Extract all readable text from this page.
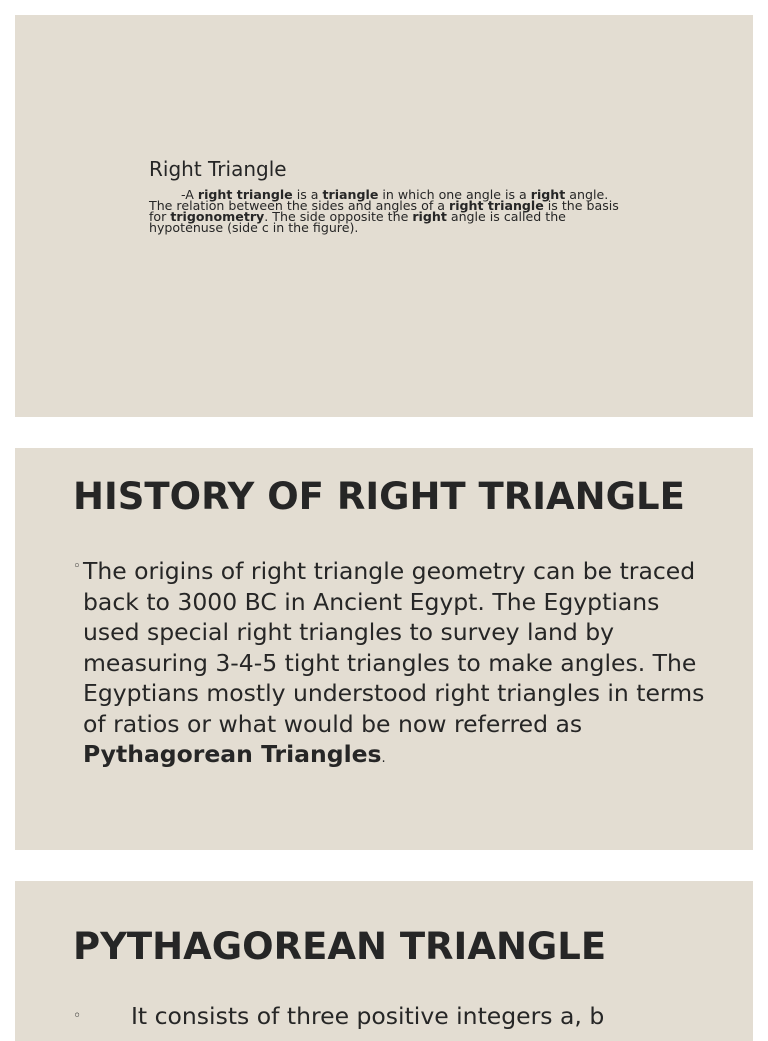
Right Triangle

-A right triangle is a triangle in which one angle is a right angle. The relation between the sides and angles of a right triangle is the basis for trigonometry. The side opposite the right angle is called the hypotenuse (side c in the figure).

HISTORY OF RIGHT TRIANGLE
◦ The origins of right triangle geometry can be traced back to 3000 BC in Ancient Egypt. The Egyptians used special right triangles to survey land by measuring 3-4-5 tight triangles to make angles. The Egyptians mostly understood right triangles in terms of ratios or what would be now referred as Pythagorean Triangles.
PYTHAGOREAN TRIANGLE
◦ It consists of three positive integers a, b
